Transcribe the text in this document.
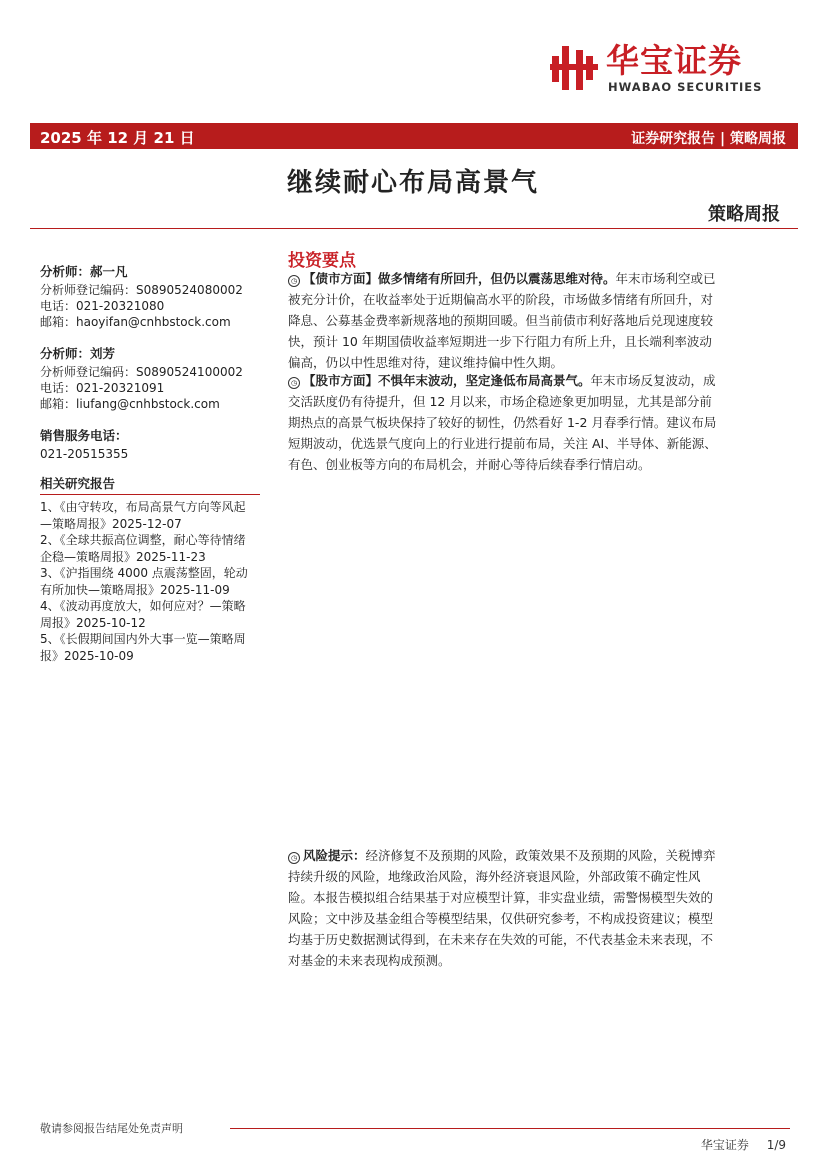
华宝证券
HWABAO SECURITIES
2025 年 12 月 21 日	证券研究报告 | 策略周报
继续耐心布局高景气
策略周报
分析师：郝一凡
分析师登记编码：S0890524080002
电话：021-20321080
邮箱：haoyifan@cnhbstock.com
分析师：刘芳
分析师登记编码：S0890524100002
电话：021-20321091
邮箱：liufang@cnhbstock.com
销售服务电话：
021-20515355
相关研究报告
1、《由守转攻，布局高景气方向等风起
—策略周报》2025-12-07
2、《全球共振高位调整，耐心等待情绪
企稳—策略周报》2025-11-23
3、《沪指围绕 4000 点震荡整固，轮动
有所加快—策略周报》2025-11-09
4、《波动再度放大，如何应对？—策略
周报》2025-10-12
5、《长假期间国内外大事一览—策略周
报》2025-10-09
投资要点
◷ 【债市方面】做多情绪有所回升，但仍以震荡思维对待。年末市场利空或已
被充分计价，在收益率处于近期偏高水平的阶段，市场做多情绪有所回升，对
降息、公募基金费率新规落地的预期回暖。但当前债市利好落地后兑现速度较
快，预计 10 年期国债收益率短期进一步下行阻力有所上升，且长端利率波动
偏高，仍以中性思维对待，建议维持偏中性久期。
◷ 【股市方面】不惧年末波动，坚定逢低布局高景气。年末市场反复波动，成
交活跃度仍有待提升，但 12 月以来，市场企稳迹象更加明显，尤其是部分前
期热点的高景气板块保持了较好的韧性，仍然看好 1-2 月春季行情。建议布局
短期波动，优选景气度向上的行业进行提前布局，关注 AI、半导体、新能源、
有色、创业板等方向的布局机会，并耐心等待后续春季行情启动。
◷ 风险提示：经济修复不及预期的风险，政策效果不及预期的风险，关税博弈
持续升级的风险，地缘政治风险，海外经济衰退风险，外部政策不确定性风
险。本报告模拟组合结果基于对应模型计算，非实盘业绩，需警惕模型失效的
风险；文中涉及基金组合等模型结果，仅供研究参考，不构成投资建议；模型
均基于历史数据测试得到，在未来存在失效的可能，不代表基金未来表现，不
对基金的未来表现构成预测。
敬请参阅报告结尾处免责声明
华宝证券 1/9
